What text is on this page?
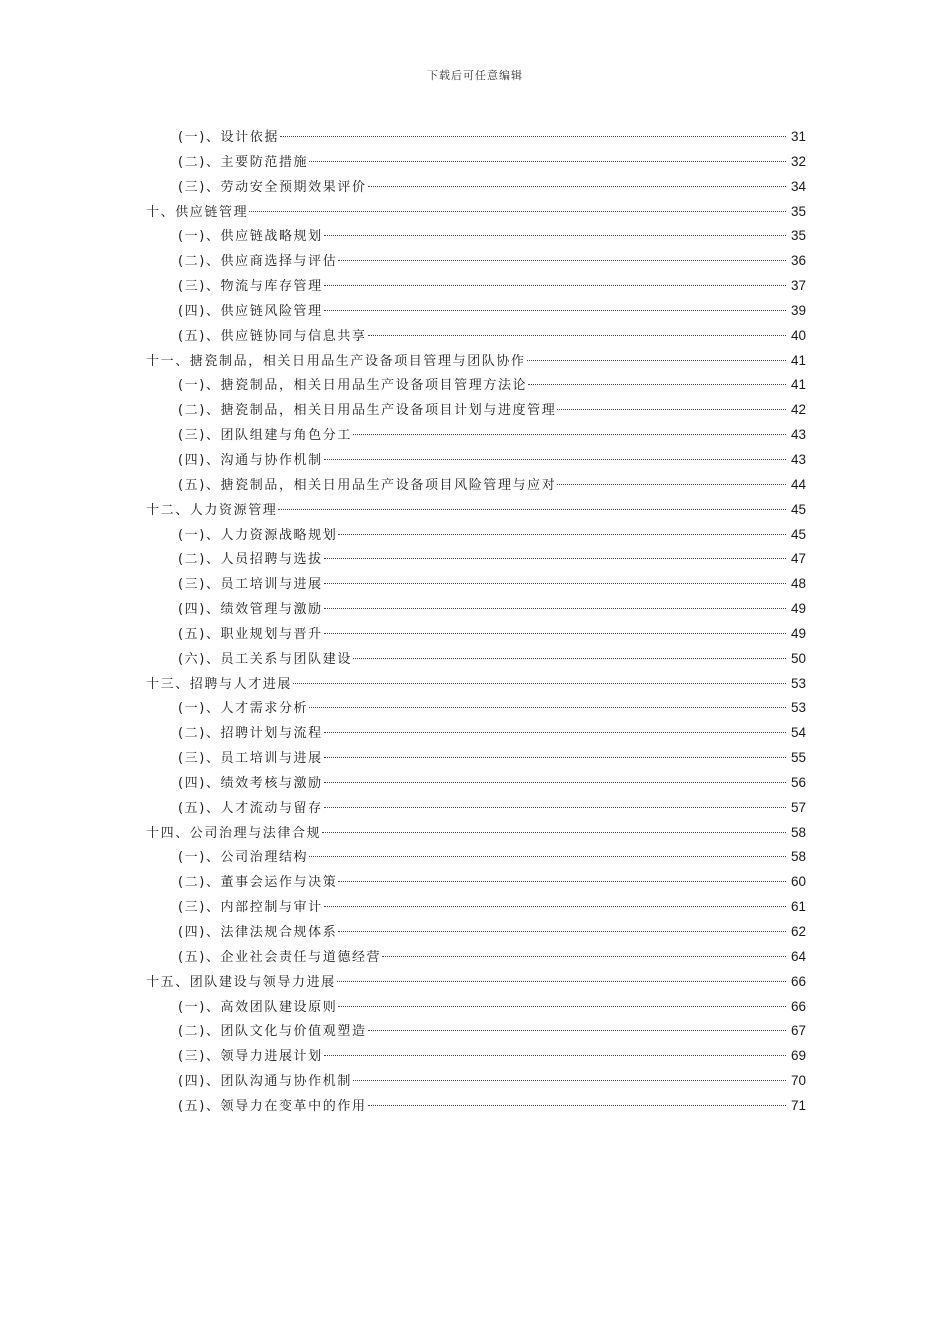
下载后可任意编辑
(一)、设计依据	31
(二)、主要防范措施	32
(三)、劳动安全预期效果评价	34
十、供应链管理	35
(一)、供应链战略规划	35
(二)、供应商选择与评估	36
(三)、物流与库存管理	37
(四)、供应链风险管理	39
(五)、供应链协同与信息共享	40
十一、搪瓷制品，相关日用品生产设备项目管理与团队协作	41
(一)、搪瓷制品，相关日用品生产设备项目管理方法论	41
(二)、搪瓷制品，相关日用品生产设备项目计划与进度管理	42
(三)、团队组建与角色分工	43
(四)、沟通与协作机制	43
(五)、搪瓷制品，相关日用品生产设备项目风险管理与应对	44
十二、人力资源管理	45
(一)、人力资源战略规划	45
(二)、人员招聘与选拔	47
(三)、员工培训与进展	48
(四)、绩效管理与激励	49
(五)、职业规划与晋升	49
(六)、员工关系与团队建设	50
十三、招聘与人才进展	53
(一)、人才需求分析	53
(二)、招聘计划与流程	54
(三)、员工培训与进展	55
(四)、绩效考核与激励	56
(五)、人才流动与留存	57
十四、公司治理与法律合规	58
(一)、公司治理结构	58
(二)、董事会运作与决策	60
(三)、内部控制与审计	61
(四)、法律法规合规体系	62
(五)、企业社会责任与道德经营	64
十五、团队建设与领导力进展	66
(一)、高效团队建设原则	66
(二)、团队文化与价值观塑造	67
(三)、领导力进展计划	69
(四)、团队沟通与协作机制	70
(五)、领导力在变革中的作用	71
